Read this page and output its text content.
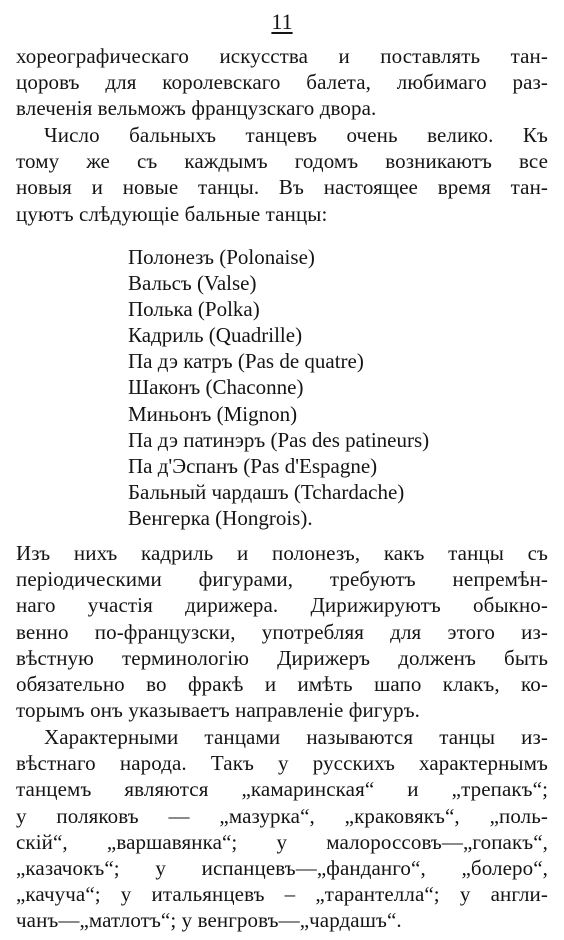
11

хореографическаго искусства и поставлять тан-
цоровъ для королевскаго балета, любимаго раз-
влеченія вельможъ французскаго двора.

Число бальныхъ танцевъ очень велико. Къ
тому же съ каждымъ годомъ возникаютъ все
новыя и новые танцы. Въ настоящее время тан-
цуютъ слѣдующіе бальные танцы:

Полонезъ (Polonaise)
Вальсъ (Valse)
Полька (Polka)
Кадриль (Quadrille)
Па дэ катръ (Pas de quatre)
Шаконъ (Chaconne)
Миньонъ (Mignon)
Па дэ патинэръ (Pas des patineurs)
Па д'Эспанъ (Pas d'Espagne)
Бальный чардашъ (Tchardache)
Венгерка (Hongrois).

Изъ нихъ кадриль и полонезъ, какъ танцы съ
періодическими фигурами, требуютъ непремѣн-
наго участія дирижера. Дирижируютъ обыкно-
венно по-французски, употребляя для этого из-
вѣстную терминологію Дирижеръ долженъ быть
обязательно во фракѣ и имѣть шапо клакъ, ко-
торымъ онъ указываетъ направленіе фигуръ.

Характерными танцами называются танцы из-
вѣстнаго народа. Такъ у русскихъ характернымъ
танцемъ являются „камаринская“ и „трепакъ“;
у поляковъ — „мазурка“, „краковякъ“, „поль-
скій“, „варшавянка“; у малороссовъ—„гопакъ“,
„казачокъ“; у испанцевъ—„фанданго“, „болеро“,
„качуча“; у итальянцевъ – „тарантелла“; у англи-
чанъ—„матлотъ“; у венгровъ—„чардашъ“.
